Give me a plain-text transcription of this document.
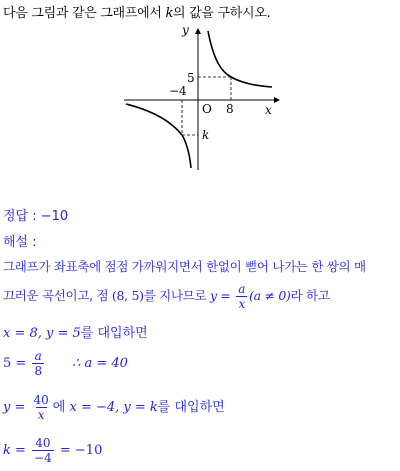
다음 그림과 같은 그래프에서 k의 값을 구하시오.
y
x
O
−4
8
5
k
정답 : −10
해설 :
그래프가 좌표축에 점점 가까워지면서 한없이 뻗어 나가는 한 쌍의 매
끄러운 곡선이고, 점 (8, 5)를 지나므로 $y = \frac{a}{x} (a \ne 0)$라 하고
x = 8, y = 5를 대입하면
$5 = \frac{a}{8}$ ∴ a = 40
$y = \frac{40}{x}$ 에 x = −4, y = k를 대입하면
$k = \frac{40}{-4} = -10$
